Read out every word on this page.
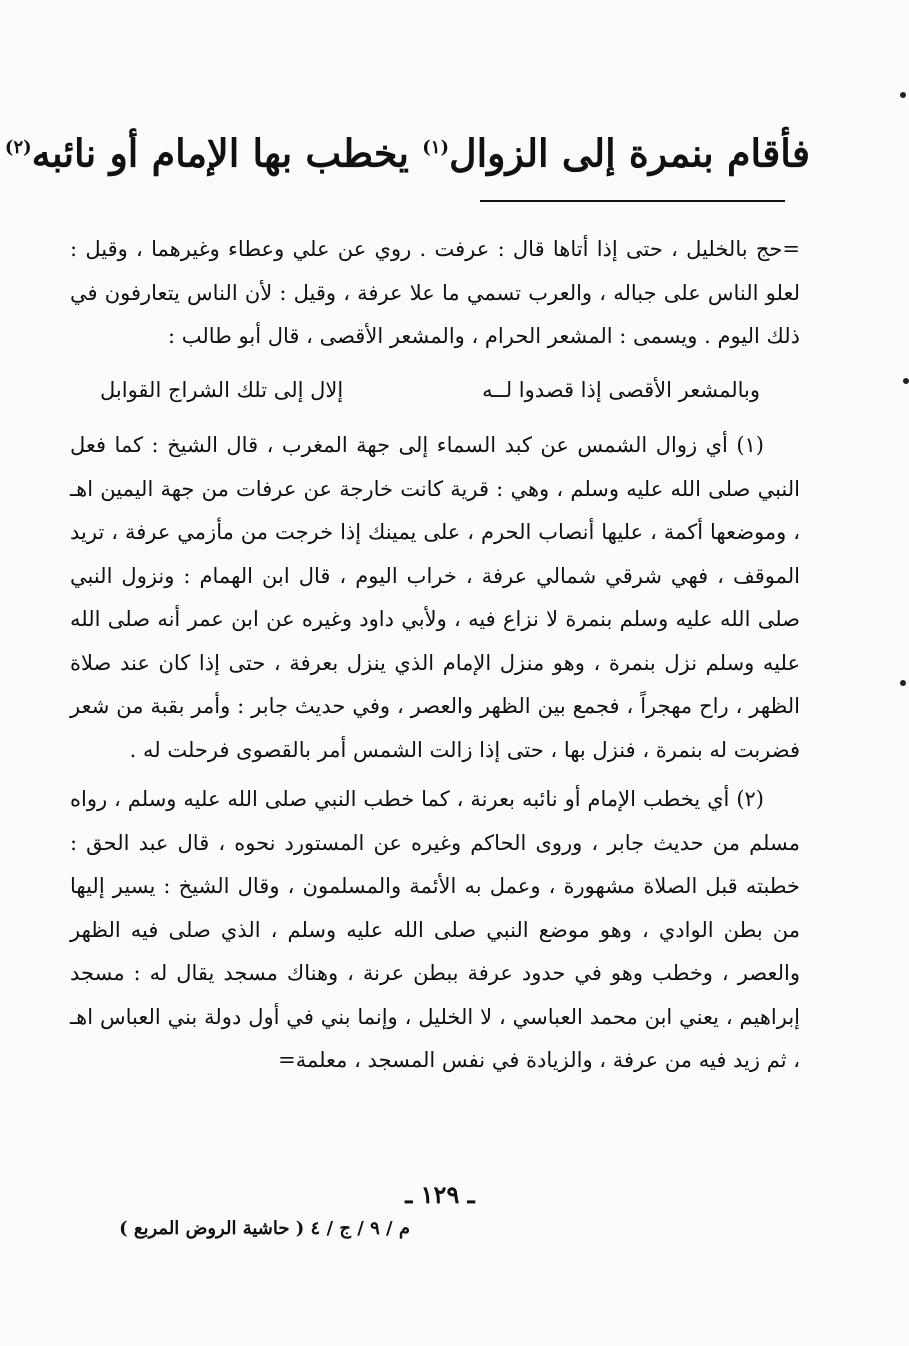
فأقام بنمرة إلى الزوال$^{(١)}$ يخطب بها الإمام أو نائبه$^{(٢)}$

=حج بالخليل ، حتى إذا أتاها قال : عرفت . روي عن علي وعطاء وغيرهما ، وقيل : لعلو الناس على جباله ، والعرب تسمي ما علا عرفة ، وقيل : لأن الناس يتعارفون في ذلك اليوم . ويسمى : المشعر الحرام ، والمشعر الأقصى ، قال أبو طالب :

وبالمشعر الأقصى إذا قصدوا لــه
إلال إلى تلك الشراج القوابل

(١) أي زوال الشمس عن كبد السماء إلى جهة المغرب ، قال الشيخ : كما فعل النبي صلى الله عليه وسلم ، وهي : قرية كانت خارجة عن عرفات من جهة اليمين اهـ ، وموضعها أكمة ، عليها أنصاب الحرم ، على يمينك إذا خرجت من مأزمي عرفة ، تريد الموقف ، فهي شرقي شمالي عرفة ، خراب اليوم ، قال ابن الهمام : ونزول النبي صلى الله عليه وسلم بنمرة لا نزاع فيه ، ولأبي داود وغيره عن ابن عمر أنه صلى الله عليه وسلم نزل بنمرة ، وهو منزل الإمام الذي ينزل بعرفة ، حتى إذا كان عند صلاة الظهر ، راح مهجراً ، فجمع بين الظهر والعصر ، وفي حديث جابر : وأمر بقبة من شعر فضربت له بنمرة ، فنزل بها ، حتى إذا زالت الشمس أمر بالقصوى فرحلت له .

(٢) أي يخطب الإمام أو نائبه بعرنة ، كما خطب النبي صلى الله عليه وسلم ، رواه مسلم من حديث جابر ، وروى الحاكم وغيره عن المستورد نحوه ، قال عبد الحق : خطبته قبل الصلاة مشهورة ، وعمل به الأئمة والمسلمون ، وقال الشيخ : يسير إليها من بطن الوادي ، وهو موضع النبي صلى الله عليه وسلم ، الذي صلى فيه الظهر والعصر ، وخطب وهو في حدود عرفة ببطن عرنة ، وهناك مسجد يقال له : مسجد إبراهيم ، يعني ابن محمد العباسي ، لا الخليل ، وإنما بني في أول دولة بني العباس اهـ ، ثم زيد فيه من عرفة ، والزيادة في نفس المسجد ، معلمة=

ـ ١٢٩ ـ
م / ٩ / ج / ٤ ( حاشية الروض المربع )
